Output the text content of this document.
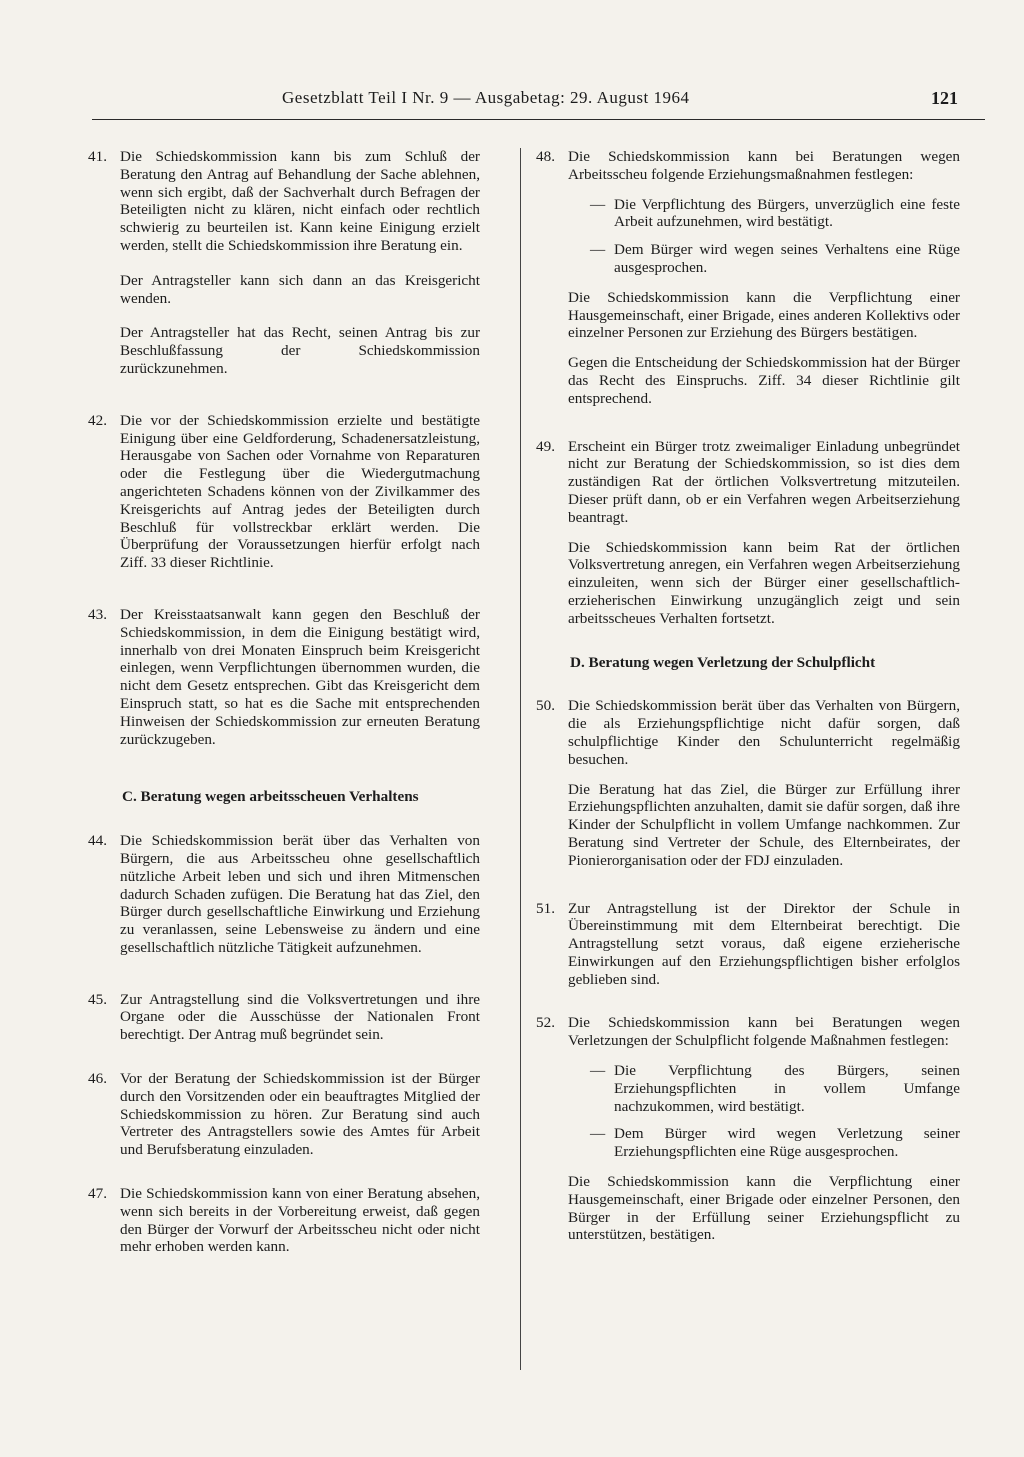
Gesetzblatt Teil I Nr. 9 — Ausgabetag: 29. August 1964	121
41. Die Schiedskommission kann bis zum Schluß der Beratung den Antrag auf Behandlung der Sache ablehnen, wenn sich ergibt, daß der Sachverhalt durch Befragen der Beteiligten nicht zu klären, nicht einfach oder rechtlich schwierig zu beurteilen ist. Kann keine Einigung erzielt werden, stellt die Schiedskommission ihre Beratung ein.

Der Antragsteller kann sich dann an das Kreisgericht wenden.

Der Antragsteller hat das Recht, seinen Antrag bis zur Beschlußfassung der Schiedskommission zurückzunehmen.

42. Die vor der Schiedskommission erzielte und bestätigte Einigung über eine Geldforderung, Schadenersatzleistung, Herausgabe von Sachen oder Vornahme von Reparaturen oder die Festlegung über die Wiedergutmachung angerichteten Schadens können von der Zivilkammer des Kreisgerichts auf Antrag jedes der Beteiligten durch Beschluß für vollstreckbar erklärt werden. Die Überprüfung der Voraussetzungen hierfür erfolgt nach Ziff. 33 dieser Richtlinie.

43. Der Kreisstaatsanwalt kann gegen den Beschluß der Schiedskommission, in dem die Einigung bestätigt wird, innerhalb von drei Monaten Einspruch beim Kreisgericht einlegen, wenn Verpflichtungen übernommen wurden, die nicht dem Gesetz entsprechen. Gibt das Kreisgericht dem Einspruch statt, so hat es die Sache mit entsprechenden Hinweisen der Schiedskommission zur erneuten Beratung zurückzugeben.

C. Beratung wegen arbeitsscheuen Verhaltens
44. Die Schiedskommission berät über das Verhalten von Bürgern, die aus Arbeitsscheu ohne gesellschaftlich nützliche Arbeit leben und sich und ihren Mitmenschen dadurch Schaden zufügen. Die Beratung hat das Ziel, den Bürger durch gesellschaftliche Einwirkung und Erziehung zu veranlassen, seine Lebensweise zu ändern und eine gesellschaftlich nützliche Tätigkeit aufzunehmen.

45. Zur Antragstellung sind die Volksvertretungen und ihre Organe oder die Ausschüsse der Nationalen Front berechtigt. Der Antrag muß begründet sein.

46. Vor der Beratung der Schiedskommission ist der Bürger durch den Vorsitzenden oder ein beauftragtes Mitglied der Schiedskommission zu hören. Zur Beratung sind auch Vertreter des Antragstellers sowie des Amtes für Arbeit und Berufsberatung einzuladen.

47. Die Schiedskommission kann von einer Beratung absehen, wenn sich bereits in der Vorbereitung erweist, daß gegen den Bürger der Vorwurf der Arbeitsscheu nicht oder nicht mehr erhoben werden kann.

48. Die Schiedskommission kann bei Beratungen wegen Arbeitsscheu folgende Erziehungsmaßnahmen festlegen:

— Die Verpflichtung des Bürgers, unverzüglich eine feste Arbeit aufzunehmen, wird bestätigt.
— Dem Bürger wird wegen seines Verhaltens eine Rüge ausgesprochen.

Die Schiedskommission kann die Verpflichtung einer Hausgemeinschaft, einer Brigade, eines anderen Kollektivs oder einzelner Personen zur Erziehung des Bürgers bestätigen.

Gegen die Entscheidung der Schiedskommission hat der Bürger das Recht des Einspruchs. Ziff. 34 dieser Richtlinie gilt entsprechend.

49. Erscheint ein Bürger trotz zweimaliger Einladung unbegründet nicht zur Beratung der Schiedskommission, so ist dies dem zuständigen Rat der örtlichen Volksvertretung mitzuteilen. Dieser prüft dann, ob er ein Verfahren wegen Arbeitserziehung beantragt.

Die Schiedskommission kann beim Rat der örtlichen Volksvertretung anregen, ein Verfahren wegen Arbeitserziehung einzuleiten, wenn sich der Bürger einer gesellschaftlich-erzieherischen Einwirkung unzugänglich zeigt und sein arbeitsscheues Verhalten fortsetzt.

D. Beratung wegen Verletzung der Schulpflicht
50. Die Schiedskommission berät über das Verhalten von Bürgern, die als Erziehungspflichtige nicht dafür sorgen, daß schulpflichtige Kinder den Schulunterricht regelmäßig besuchen.

Die Beratung hat das Ziel, die Bürger zur Erfüllung ihrer Erziehungspflichten anzuhalten, damit sie dafür sorgen, daß ihre Kinder der Schulpflicht in vollem Umfange nachkommen. Zur Beratung sind Vertreter der Schule, des Elternbeirates, der Pionierorganisation oder der FDJ einzuladen.

51. Zur Antragstellung ist der Direktor der Schule in Übereinstimmung mit dem Elternbeirat berechtigt. Die Antragstellung setzt voraus, daß eigene erzieherische Einwirkungen auf den Erziehungspflichtigen bisher erfolglos geblieben sind.

52. Die Schiedskommission kann bei Beratungen wegen Verletzungen der Schulpflicht folgende Maßnahmen festlegen:

— Die Verpflichtung des Bürgers, seinen Erziehungspflichten in vollem Umfange nachzukommen, wird bestätigt.
— Dem Bürger wird wegen Verletzung seiner Erziehungspflichten eine Rüge ausgesprochen.

Die Schiedskommission kann die Verpflichtung einer Hausgemeinschaft, einer Brigade oder einzelner Personen, den Bürger in der Erfüllung seiner Erziehungspflicht zu unterstützen, bestätigen.
